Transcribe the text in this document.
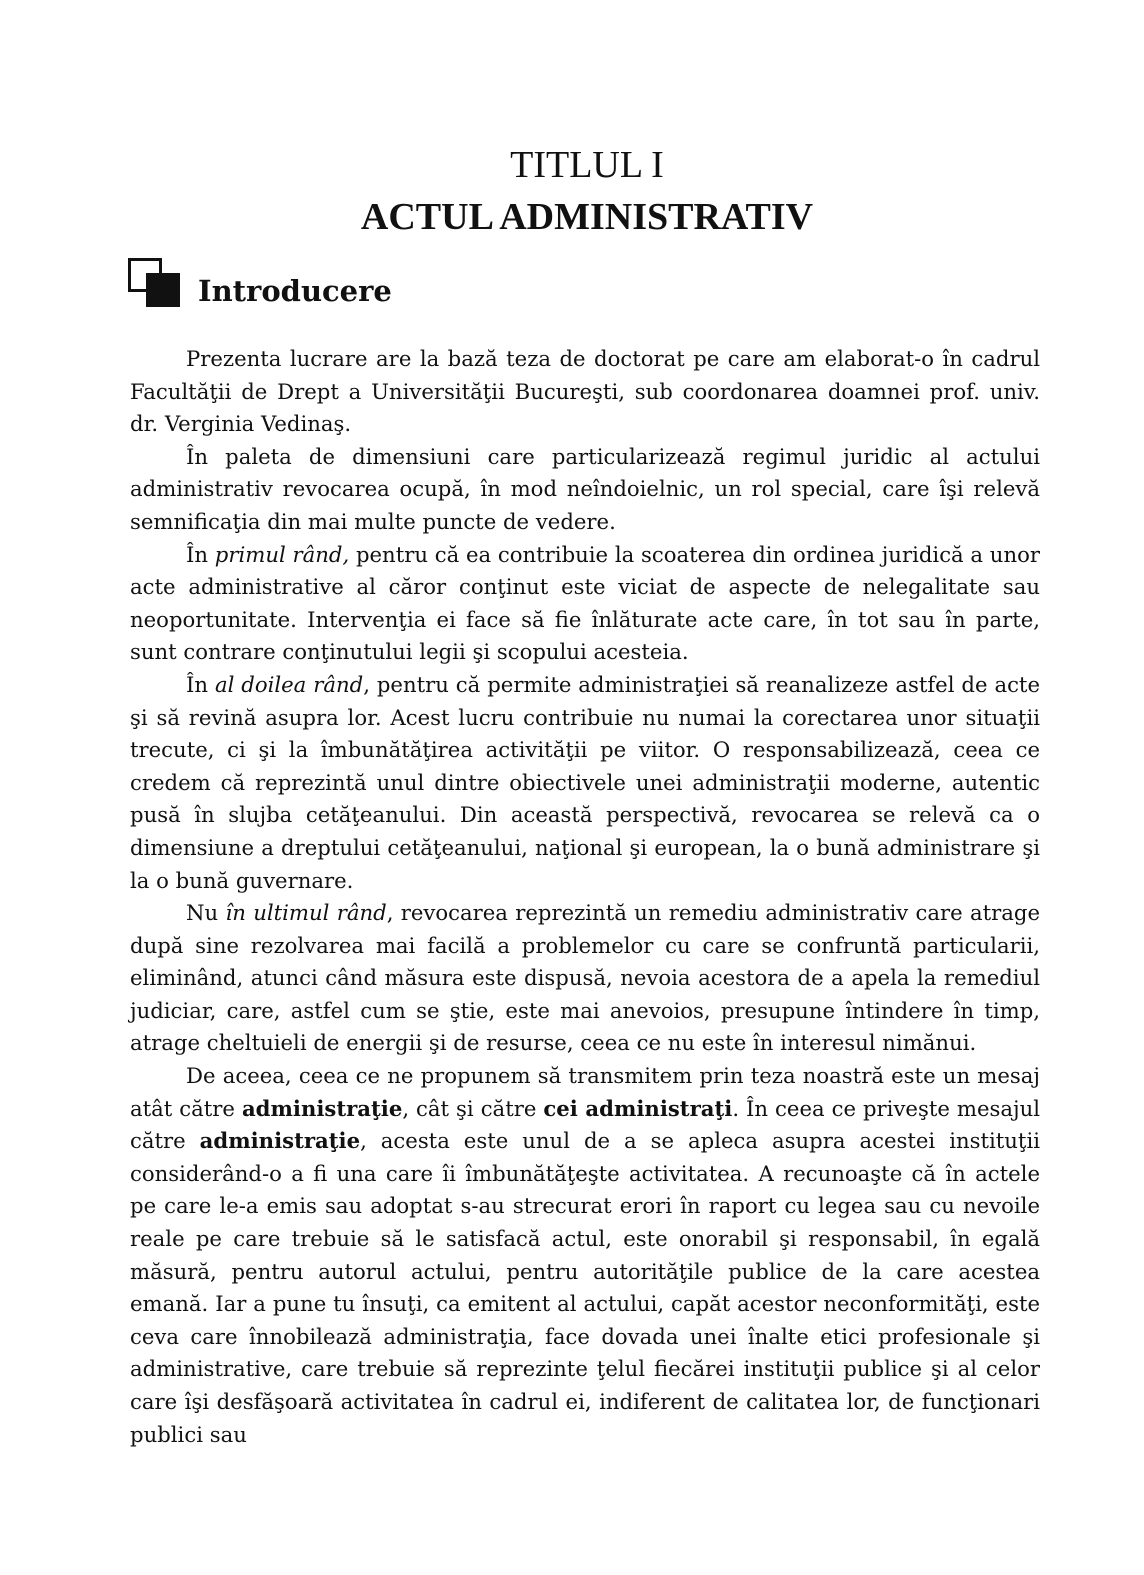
TITLUL I
ACTUL ADMINISTRATIV
Introducere

Prezenta lucrare are la bază teza de doctorat pe care am elaborat-o în cadrul Facultăţii de Drept a Universităţii Bucureşti, sub coordonarea doamnei prof. univ. dr. Verginia Vedinaş.

În paleta de dimensiuni care particularizează regimul juridic al actului administrativ revocarea ocupă, în mod neîndoielnic, un rol special, care îşi relevă semnificaţia din mai multe puncte de vedere.

În primul rând, pentru că ea contribuie la scoaterea din ordinea juridică a unor acte administrative al căror conţinut este viciat de aspecte de nelegalitate sau neoportunitate. Intervenţia ei face să fie înlăturate acte care, în tot sau în parte, sunt contrare conţinutului legii şi scopului acesteia.

În al doilea rând, pentru că permite administraţiei să reanalizeze astfel de acte şi să revină asupra lor. Acest lucru contribuie nu numai la corectarea unor situaţii trecute, ci şi la îmbunătăţirea activităţii pe viitor. O responsabilizează, ceea ce credem că reprezintă unul dintre obiectivele unei administraţii moderne, autentic pusă în slujba cetăţeanului. Din această perspectivă, revocarea se relevă ca o dimensiune a dreptului cetăţeanului, naţional şi european, la o bună administrare şi la o bună guvernare.

Nu în ultimul rând, revocarea reprezintă un remediu administrativ care atrage după sine rezolvarea mai facilă a problemelor cu care se confruntă particularii, eliminând, atunci când măsura este dispusă, nevoia acestora de a apela la remediul judiciar, care, astfel cum se ştie, este mai anevoios, presupune întindere în timp, atrage cheltuieli de energii şi de resurse, ceea ce nu este în interesul nimănui.

De aceea, ceea ce ne propunem să transmitem prin teza noastră este un mesaj atât către administraţie, cât şi către cei administraţi. În ceea ce priveşte mesajul către administraţie, acesta este unul de a se apleca asupra acestei instituţii considerând-o a fi una care îi îmbunătăţeşte activitatea. A recunoaşte că în actele pe care le-a emis sau adoptat s-au strecurat erori în raport cu legea sau cu nevoile reale pe care trebuie să le satisfacă actul, este onorabil şi responsabil, în egală măsură, pentru autorul actului, pentru autorităţile publice de la care acestea emană. Iar a pune tu însuţi, ca emitent al actului, capăt acestor neconformităţi, este ceva care înnobilează administraţia, face dovada unei înalte etici profesionale şi administrative, care trebuie să reprezinte ţelul fiecărei instituţii publice şi al celor care îşi desfăşoară activitatea în cadrul ei, indiferent de calitatea lor, de funcţionari publici sau
